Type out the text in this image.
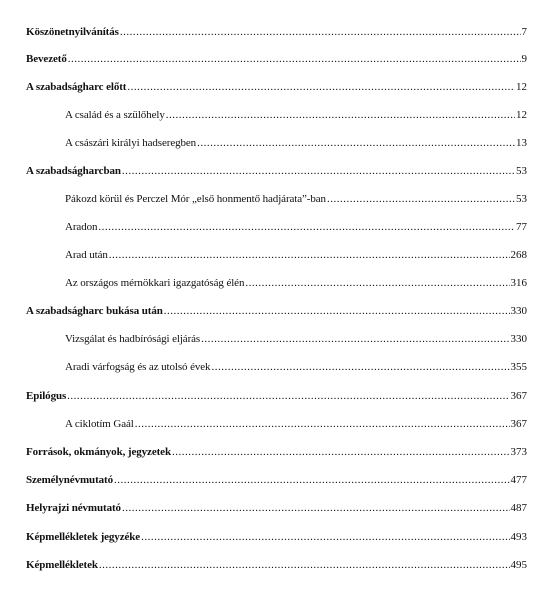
Köszönetnyilvánítás .....	7
Bevezető .....	9
A szabadságharc előtt .....	12
A család és a szülőhely .....	12
A császári királyi hadseregben .....	13
A szabadságharcban .....	53
Pákozd körül és Perczel Mór „első honmentő hadjárata”-ban .....	53
Aradon .....	77
Arad után .....	268
Az országos mérnökkari igazgatóság élén .....	316
A szabadságharc bukása után .....	330
Vizsgálat és hadbírósági eljárás .....	330
Aradi várfogság és az utolsó évek .....	355
Epilógus .....	367
A ciklotím Gaál .....	367
Források, okmányok, jegyzetek .....	373
Személynévmutató .....	477
Helyrajzi névmutató .....	487
Képmellékletek jegyzéke .....	493
Képmellékletek .....	495
